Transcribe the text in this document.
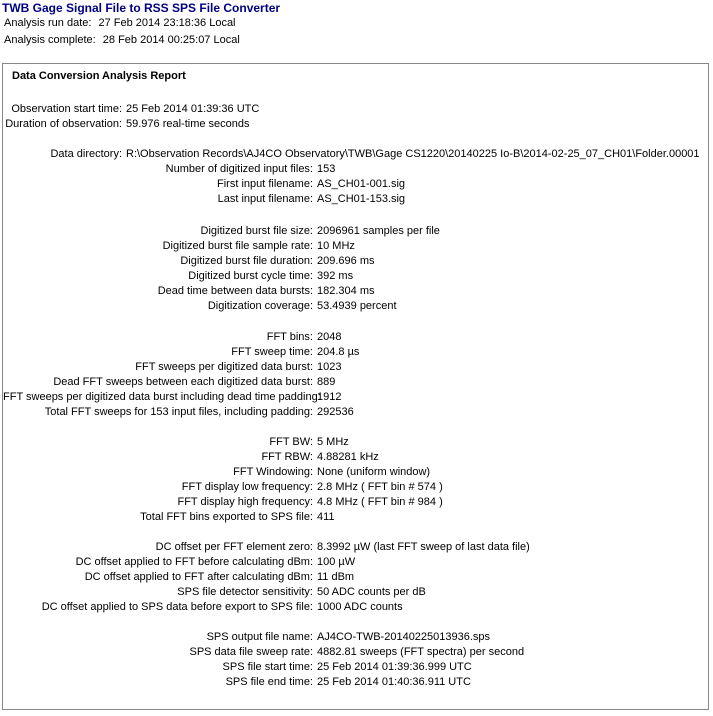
TWB Gage Signal File to RSS SPS File Converter
Analysis run date: 27 Feb 2014 23:18:36 Local
Analysis complete: 28 Feb 2014 00:25:07 Local
Data Conversion Analysis Report
Observation start time: 25 Feb 2014 01:39:36 UTC
Duration of observation: 59.976 real-time seconds
Data directory: R:\Observation Records\AJ4CO Observatory\TWB\Gage CS1220\20140225 Io-B\2014-02-25_07_CH01\Folder.00001
Number of digitized input files: 153
First input filename: AS_CH01-001.sig
Last input filename: AS_CH01-153.sig
Digitized burst file size: 2096961 samples per file
Digitized burst file sample rate: 10 MHz
Digitized burst file duration: 209.696 ms
Digitized burst cycle time: 392 ms
Dead time between data bursts: 182.304 ms
Digitization coverage: 53.4939 percent
FFT bins: 2048
FFT sweep time: 204.8 µs
FFT sweeps per digitized data burst: 1023
Dead FFT sweeps between each digitized data burst: 889
FFT sweeps per digitized data burst including dead time padding:
1912
Total FFT sweeps for 153 input files, including padding: 292536
FFT BW: 5 MHz
FFT RBW: 4.88281 kHz
FFT Windowing: None (uniform window)
FFT display low frequency: 2.8 MHz ( FFT bin # 574 )
FFT display high frequency: 4.8 MHz ( FFT bin # 984 )
Total FFT bins exported to SPS file: 411
DC offset per FFT element zero: 8.3992 µW (last FFT sweep of last data file)
DC offset applied to FFT before calculating dBm: 100 µW
DC offset applied to FFT after calculating dBm: 11 dBm
SPS file detector sensitivity: 50 ADC counts per dB
DC offset applied to SPS data before export to SPS file: 1000 ADC counts
SPS output file name: AJ4CO-TWB-20140225013936.sps
SPS data file sweep rate: 4882.81 sweeps (FFT spectra) per second
SPS file start time: 25 Feb 2014 01:39:36.999 UTC
SPS file end time: 25 Feb 2014 01:40:36.911 UTC
